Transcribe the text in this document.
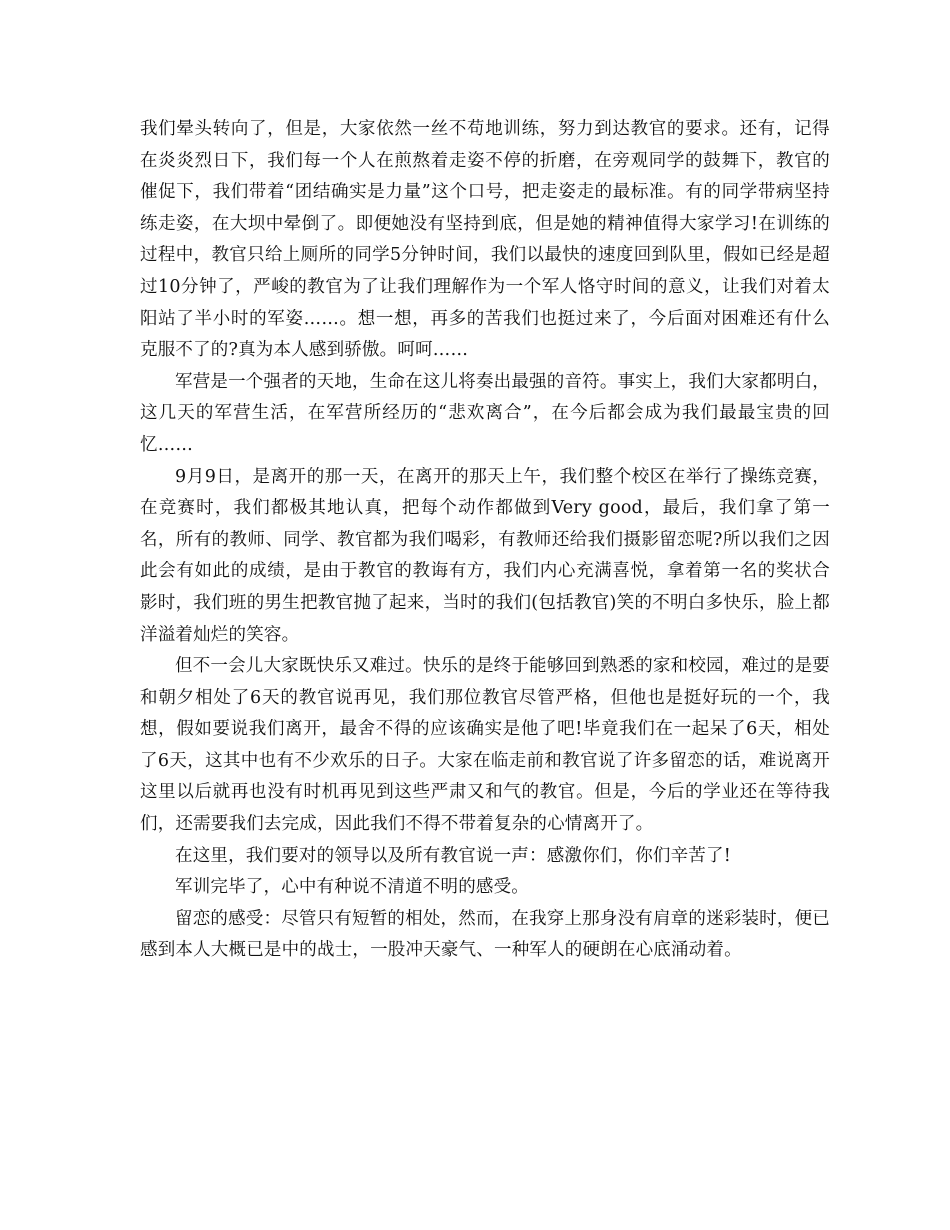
我们晕头转向了，但是，大家依然一丝不苟地训练，努力到达教官的要求。还有，记得在炎炎烈日下，我们每一个人在煎熬着走姿不停的折磨，在旁观同学的鼓舞下，教官的催促下，我们带着“团结确实是力量”这个口号，把走姿走的最标准。有的同学带病坚持练走姿，在大坝中晕倒了。即便她没有坚持到底，但是她的精神值得大家学习!在训练的过程中，教官只给上厕所的同学5分钟时间，我们以最快的速度回到队里，假如已经是超过10分钟了，严峻的教官为了让我们理解作为一个军人恪守时间的意义，让我们对着太阳站了半小时的军姿……。想一想，再多的苦我们也挺过来了，今后面对困难还有什么克服不了的?真为本人感到骄傲。呵呵……

军营是一个强者的天地，生命在这儿将奏出最强的音符。事实上，我们大家都明白，这几天的军营生活，在军营所经历的“悲欢离合”，在今后都会成为我们最最宝贵的回忆……

9月9日，是离开的那一天，在离开的那天上午，我们整个校区在举行了操练竞赛，在竞赛时，我们都极其地认真，把每个动作都做到Very good，最后，我们拿了第一名，所有的教师、同学、教官都为我们喝彩，有教师还给我们摄影留恋呢?所以我们之因此会有如此的成绩，是由于教官的教诲有方，我们内心充满喜悦，拿着第一名的奖状合影时，我们班的男生把教官抛了起来，当时的我们(包括教官)笑的不明白多快乐，脸上都洋溢着灿烂的笑容。

但不一会儿大家既快乐又难过。快乐的是终于能够回到熟悉的家和校园，难过的是要和朝夕相处了6天的教官说再见，我们那位教官尽管严格，但他也是挺好玩的一个，我想，假如要说我们离开，最舍不得的应该确实是他了吧!毕竟我们在一起呆了6天，相处了6天，这其中也有不少欢乐的日子。大家在临走前和教官说了许多留恋的话，难说离开这里以后就再也没有时机再见到这些严肃又和气的教官。但是，今后的学业还在等待我们，还需要我们去完成，因此我们不得不带着复杂的心情离开了。

在这里，我们要对的领导以及所有教官说一声：感激你们，你们辛苦了!

军训完毕了，心中有种说不清道不明的感受。

留恋的感受：尽管只有短暂的相处，然而，在我穿上那身没有肩章的迷彩装时，便已感到本人大概已是中的战士，一股冲天豪气、一种军人的硬朗在心底涌动着。
